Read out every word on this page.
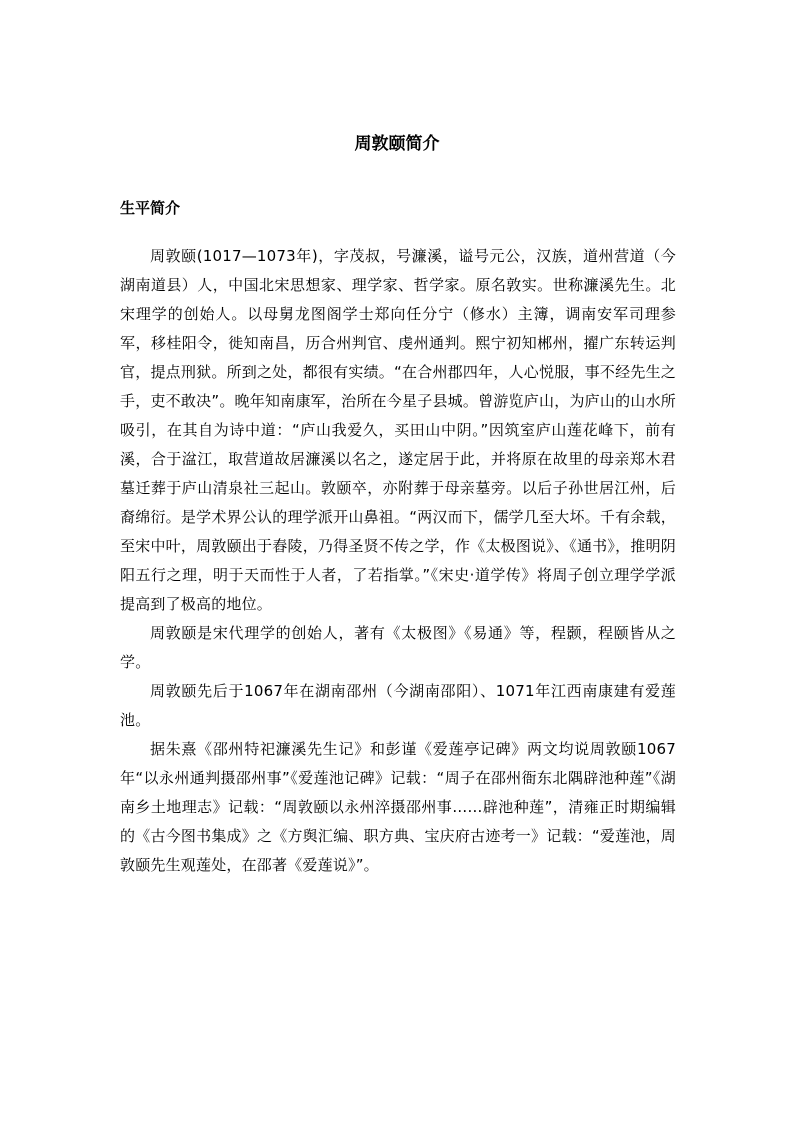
周敦颐简介
生平简介

周敦颐(1017—1073年)，字茂叔，号濂溪，谥号元公，汉族，道州营道（今湖南道县）人，中国北宋思想家、理学家、哲学家。原名敦实。世称濂溪先生。北宋理学的创始人。以母舅龙图阁学士郑向任分宁（修水）主簿，调南安军司理参军，移桂阳令，徙知南昌，历合州判官、虔州通判。熙宁初知郴州，擢广东转运判官，提点刑狱。所到之处，都很有实绩。“在合州郡四年，人心悦服，事不经先生之手，吏不敢决”。晚年知南康军，治所在今星子县城。曾游览庐山，为庐山的山水所吸引，在其自为诗中道：“庐山我爱久，买田山中阴。”因筑室庐山莲花峰下，前有溪，合于湓江，取营道故居濂溪以名之，遂定居于此，并将原在故里的母亲郑木君墓迁葬于庐山清泉社三起山。敦颐卒，亦附葬于母亲墓旁。以后子孙世居江州，后裔绵衍。是学术界公认的理学派开山鼻祖。“两汉而下，儒学几至大坏。千有余载，至宋中叶，周敦颐出于舂陵，乃得圣贤不传之学，作《太极图说》、《通书》，推明阴阳五行之理，明于天而性于人者，了若指掌。”《宋史·道学传》将周子创立理学学派提高到了极高的地位。

周敦颐是宋代理学的创始人，著有《太极图》《易通》等，程颢，程颐皆从之学。

周敦颐先后于1067年在湖南邵州（今湖南邵阳）、1071年江西南康建有爱莲池。

据朱熹《邵州特祀濂溪先生记》和彭谨《爱莲亭记碑》两文均说周敦颐1067年“以永州通判摄邵州事”《爱莲池记碑》记载：“周子在邵州衙东北隅辟池种莲”《湖南乡土地理志》记载：“周敦颐以永州淬摄邵州事……辟池种莲”，清雍正时期编辑的《古今图书集成》之《方舆汇编、职方典、宝庆府古迹考一》记载：“爱莲池，周敦颐先生观莲处，在邵著《爱莲说》”。
